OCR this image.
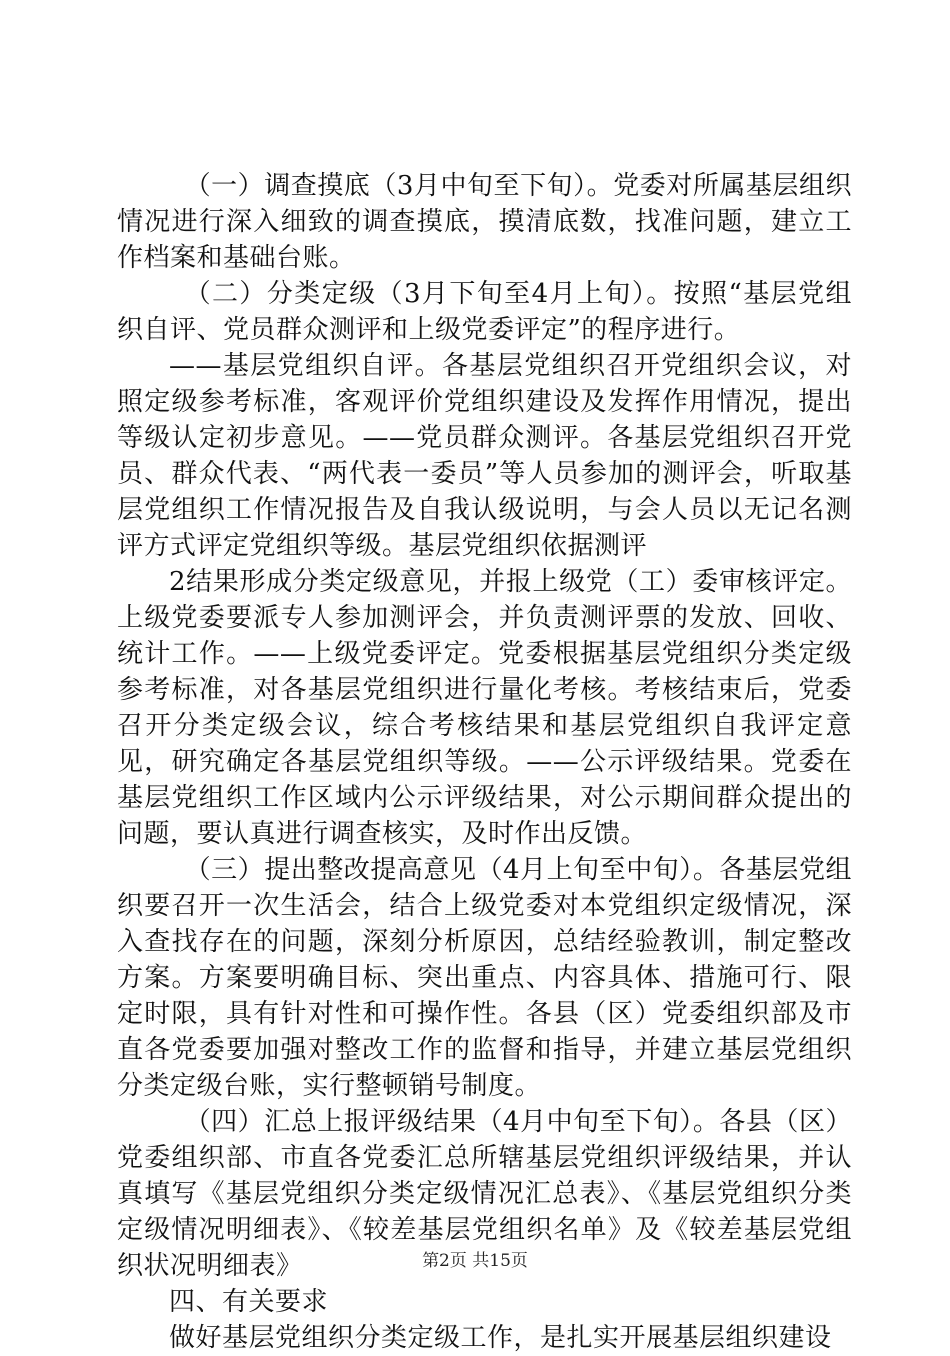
（一）调查摸底（3月中旬至下旬）。党委对所属基层组织情况进行深入细致的调查摸底，摸清底数，找准问题，建立工作档案和基础台账。

（二）分类定级（3月下旬至4月上旬）。按照“基层党组织自评、党员群众测评和上级党委评定”的程序进行。

——基层党组织自评。各基层党组织召开党组织会议，对照定级参考标准，客观评价党组织建设及发挥作用情况，提出等级认定初步意见。——党员群众测评。各基层党组织召开党员、群众代表、“两代表一委员”等人员参加的测评会，听取基层党组织工作情况报告及自我认级说明，与会人员以无记名测评方式评定党组织等级。基层党组织依据测评

2结果形成分类定级意见，并报上级党（工）委审核评定。上级党委要派专人参加测评会，并负责测评票的发放、回收、统计工作。——上级党委评定。党委根据基层党组织分类定级参考标准，对各基层党组织进行量化考核。考核结束后，党委召开分类定级会议，综合考核结果和基层党组织自我评定意见，研究确定各基层党组织等级。——公示评级结果。党委在基层党组织工作区域内公示评级结果，对公示期间群众提出的问题，要认真进行调查核实，及时作出反馈。

（三）提出整改提高意见（4月上旬至中旬）。各基层党组织要召开一次生活会，结合上级党委对本党组织定级情况，深入查找存在的问题，深刻分析原因，总结经验教训，制定整改方案。方案要明确目标、突出重点、内容具体、措施可行、限定时限，具有针对性和可操作性。各县（区）党委组织部及市直各党委要加强对整改工作的监督和指导，并建立基层党组织分类定级台账，实行整顿销号制度。

（四）汇总上报评级结果（4月中旬至下旬）。各县（区）党委组织部、市直各党委汇总所辖基层党组织评级结果，并认真填写《基层党组织分类定级情况汇总表》、《基层党组织分类定级情况明细表》、《较差基层党组织名单》及《较差基层党组织状况明细表》

四、有关要求

做好基层党组织分类定级工作，是扎实开展基层组织建设

第2页 共15页
